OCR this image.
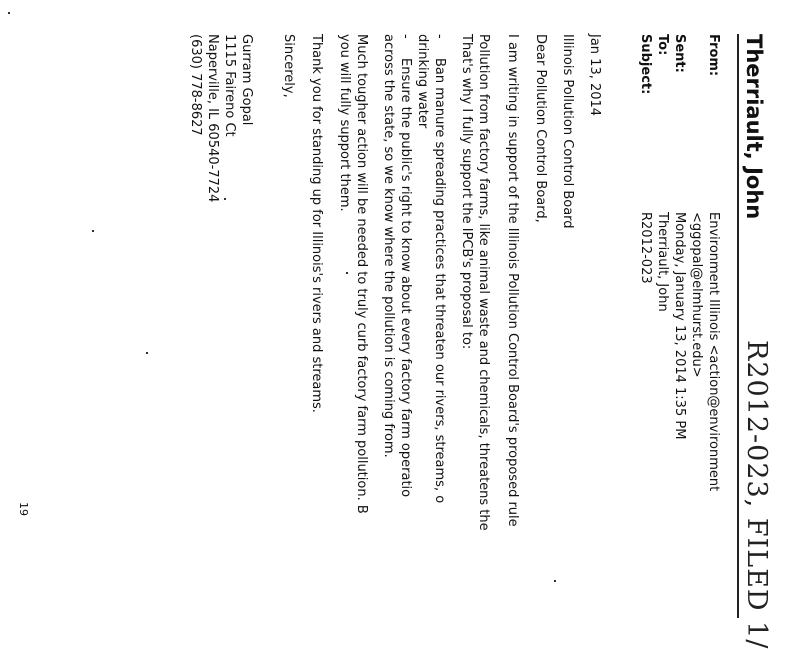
R2012-023, FILED 1/
Therriault, John
From:

Sent:
To:
Subject:
Environment Illinois <action@environment
<ggopal@elmhurst.edu>
Monday, January 13, 2014 1:35 PM
Therriault, John
R2012-023
Jan 13, 2014
Illinois Pollution Control Board
Dear Pollution Control Board,
I am writing in support of the Illinois Pollution Control Board's proposed rule
Pollution from factory farms, like animal waste and chemicals, threatens the
That's why I fully support the IPCB's proposal to:
-
Ban manure spreading practices that threaten our rivers, streams, o
drinking water
-
Ensure the public's right to know about every factory farm operatio
across the state, so we know where the pollution is coming from.
Much tougher action will be needed to truly curb factory farm pollution. B
you will fully support them.
Thank you for standing up for Illinois's rivers and streams.
Sincerely,
Gurram Gopal
1115 Faireno Ct
Naperville, IL 60540-7724
(630) 778-8627
19
